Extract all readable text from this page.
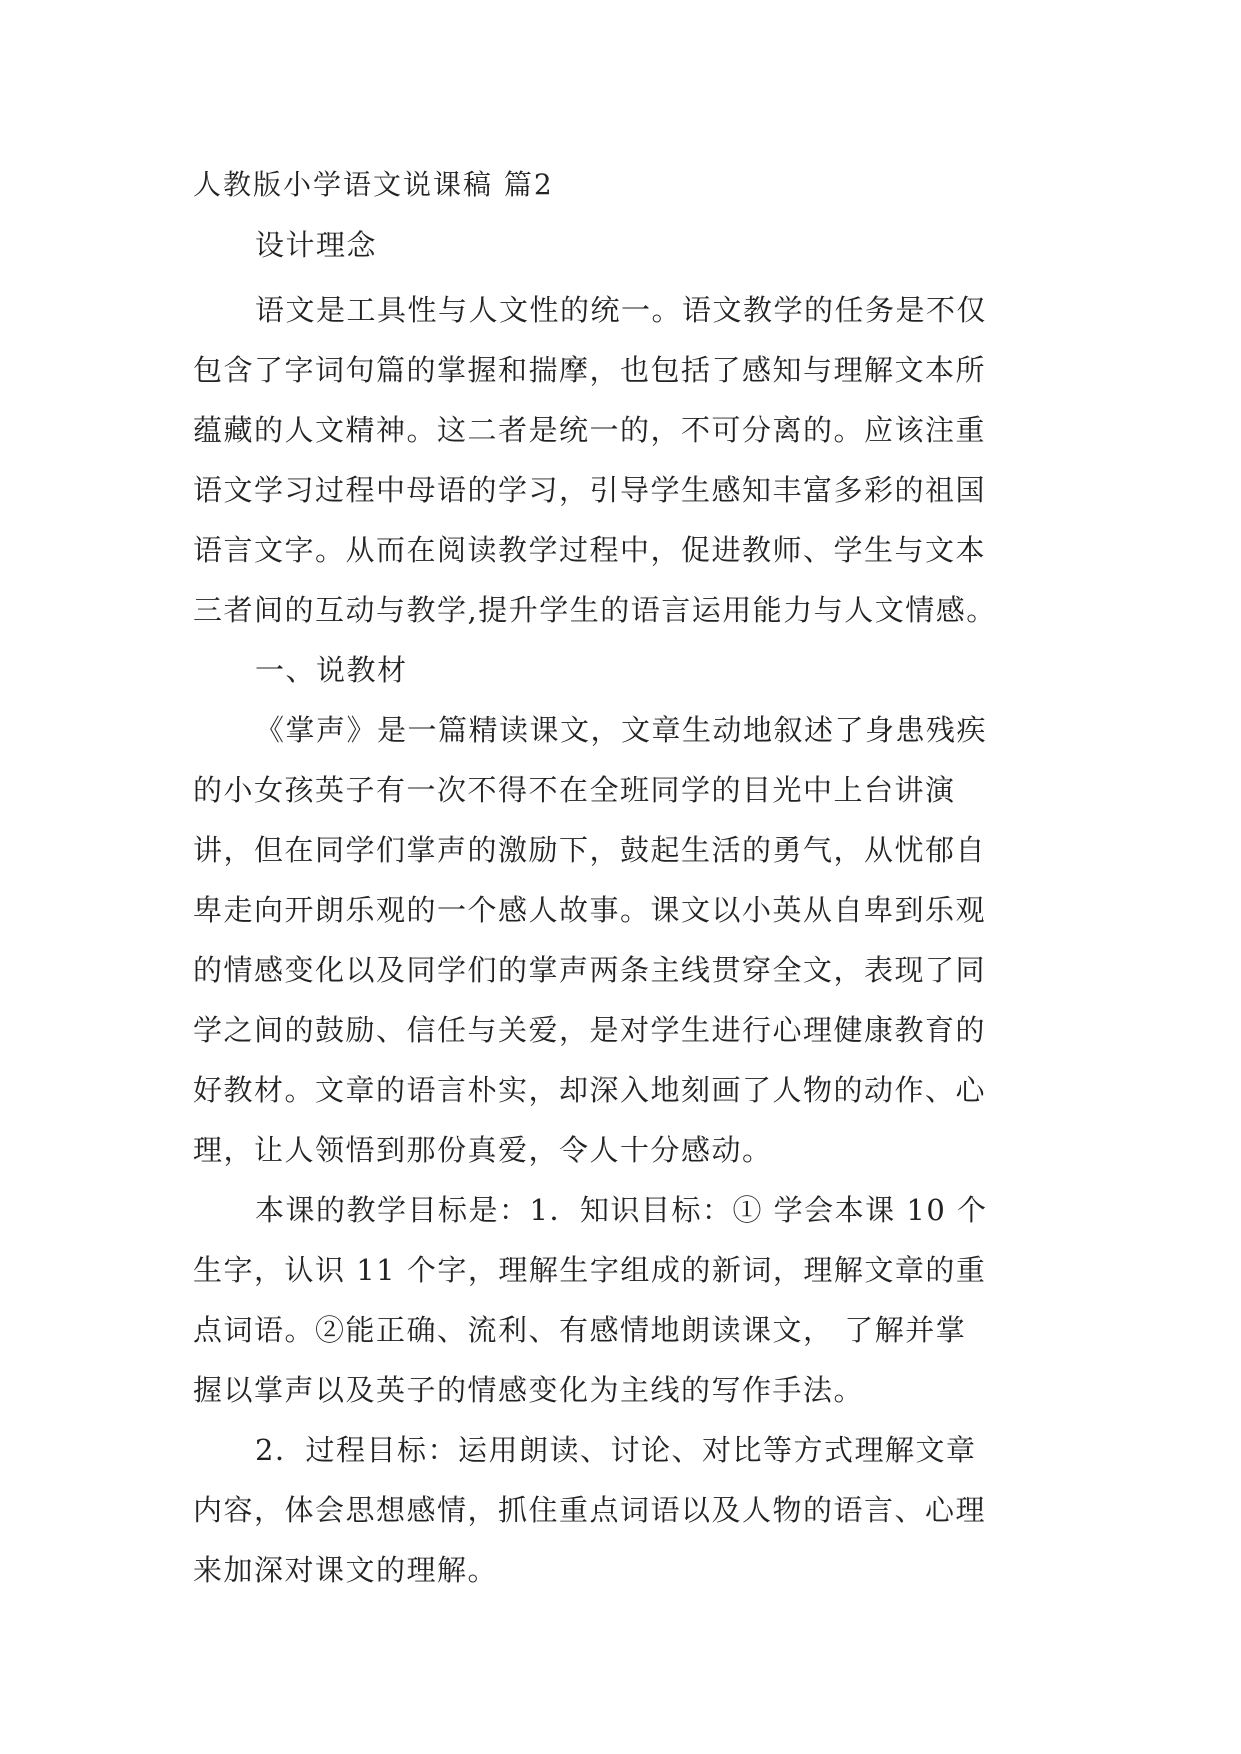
人教版小学语文说课稿 篇2
设计理念
语文是工具性与人文性的统一。语文教学的任务是不仅
包含了字词句篇的掌握和揣摩，也包括了感知与理解文本所
蕴藏的人文精神。这二者是统一的，不可分离的。应该注重
语文学习过程中母语的学习，引导学生感知丰富多彩的祖国
语言文字。从而在阅读教学过程中，促进教师、学生与文本
三者间的互动与教学,提升学生的语言运用能力与人文情感。
一、说教材
《掌声》是一篇精读课文，文章生动地叙述了身患残疾
的小女孩英子有一次不得不在全班同学的目光中上台讲演
讲，但在同学们掌声的激励下，鼓起生活的勇气，从忧郁自
卑走向开朗乐观的一个感人故事。课文以小英从自卑到乐观
的情感变化以及同学们的掌声两条主线贯穿全文，表现了同
学之间的鼓励、信任与关爱，是对学生进行心理健康教育的
好教材。文章的语言朴实，却深入地刻画了人物的动作、心
理，让人领悟到那份真爱，令人十分感动。
本课的教学目标是：1．知识目标：① 学会本课 10 个
生字，认识 11 个字，理解生字组成的新词，理解文章的重
点词语。②能正确、流利、有感情地朗读课文， 了解并掌
握以掌声以及英子的情感变化为主线的写作手法。
2．过程目标：运用朗读、讨论、对比等方式理解文章
内容，体会思想感情，抓住重点词语以及人物的语言、心理
来加深对课文的理解。
